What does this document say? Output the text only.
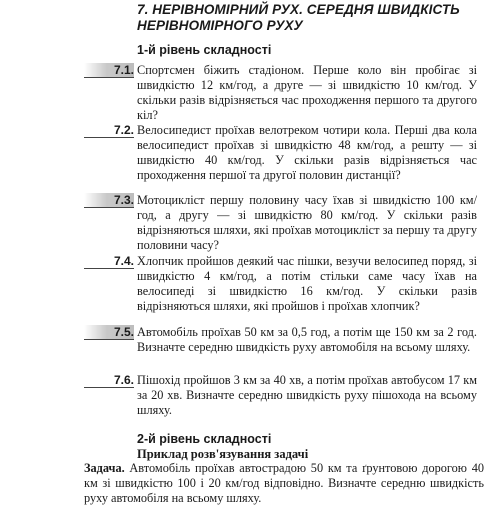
7. НЕРІВНОМІРНИЙ РУХ. СЕРЕДНЯ ШВИДКІСТЬ НЕРІВНОМІРНОГО РУХУ
1-й рівень складності
7.1. Спортсмен біжить стадіоном. Перше коло він пробігає зі швидкістю 12 км/год, а друге — зі швидкістю 10 км/год. У скільки разів відрізняється час проходження першого та другого кіл?
7.2. Велосипедист проїхав велотреком чотири кола. Перші два кола велосипедист проїхав зі швидкістю 48 км/год, а решту — зі швидкістю 40 км/год. У скільки разів відрізняється час проходження першої та другої половин дистанції?
7.3. Мотоцикліст першу половину часу їхав зі швидкістю 100 км/год, а другу — зі швидкістю 80 км/год. У скільки разів відрізняються шляхи, які проїхав мотоцикліст за першу та другу половини часу?
7.4. Хлопчик пройшов деякий час пішки, везучи велосипед поряд, зі швидкістю 4 км/год, а потім стільки саме часу їхав на велосипеді зі швидкістю 16 км/год. У скільки разів відрізняються шляхи, які пройшов і проїхав хлопчик?
7.5. Автомобіль проїхав 50 км за 0,5 год, а потім ще 150 км за 2 год. Визначте середню швидкість руху автомобіля на всьому шляху.
7.6. Пішохід пройшов 3 км за 40 хв, а потім проїхав автобусом 17 км за 20 хв. Визначте середню швидкість руху пішохода на всьому шляху.
2-й рівень складності
Приклад розв'язування задачі
Задача. Автомобіль проїхав автострадою 50 км та ґрунтовою дорогою 40 км зі швидкістю 100 і 20 км/год відповідно. Визначте середню швидкість руху автомобіля на всьому шляху.
